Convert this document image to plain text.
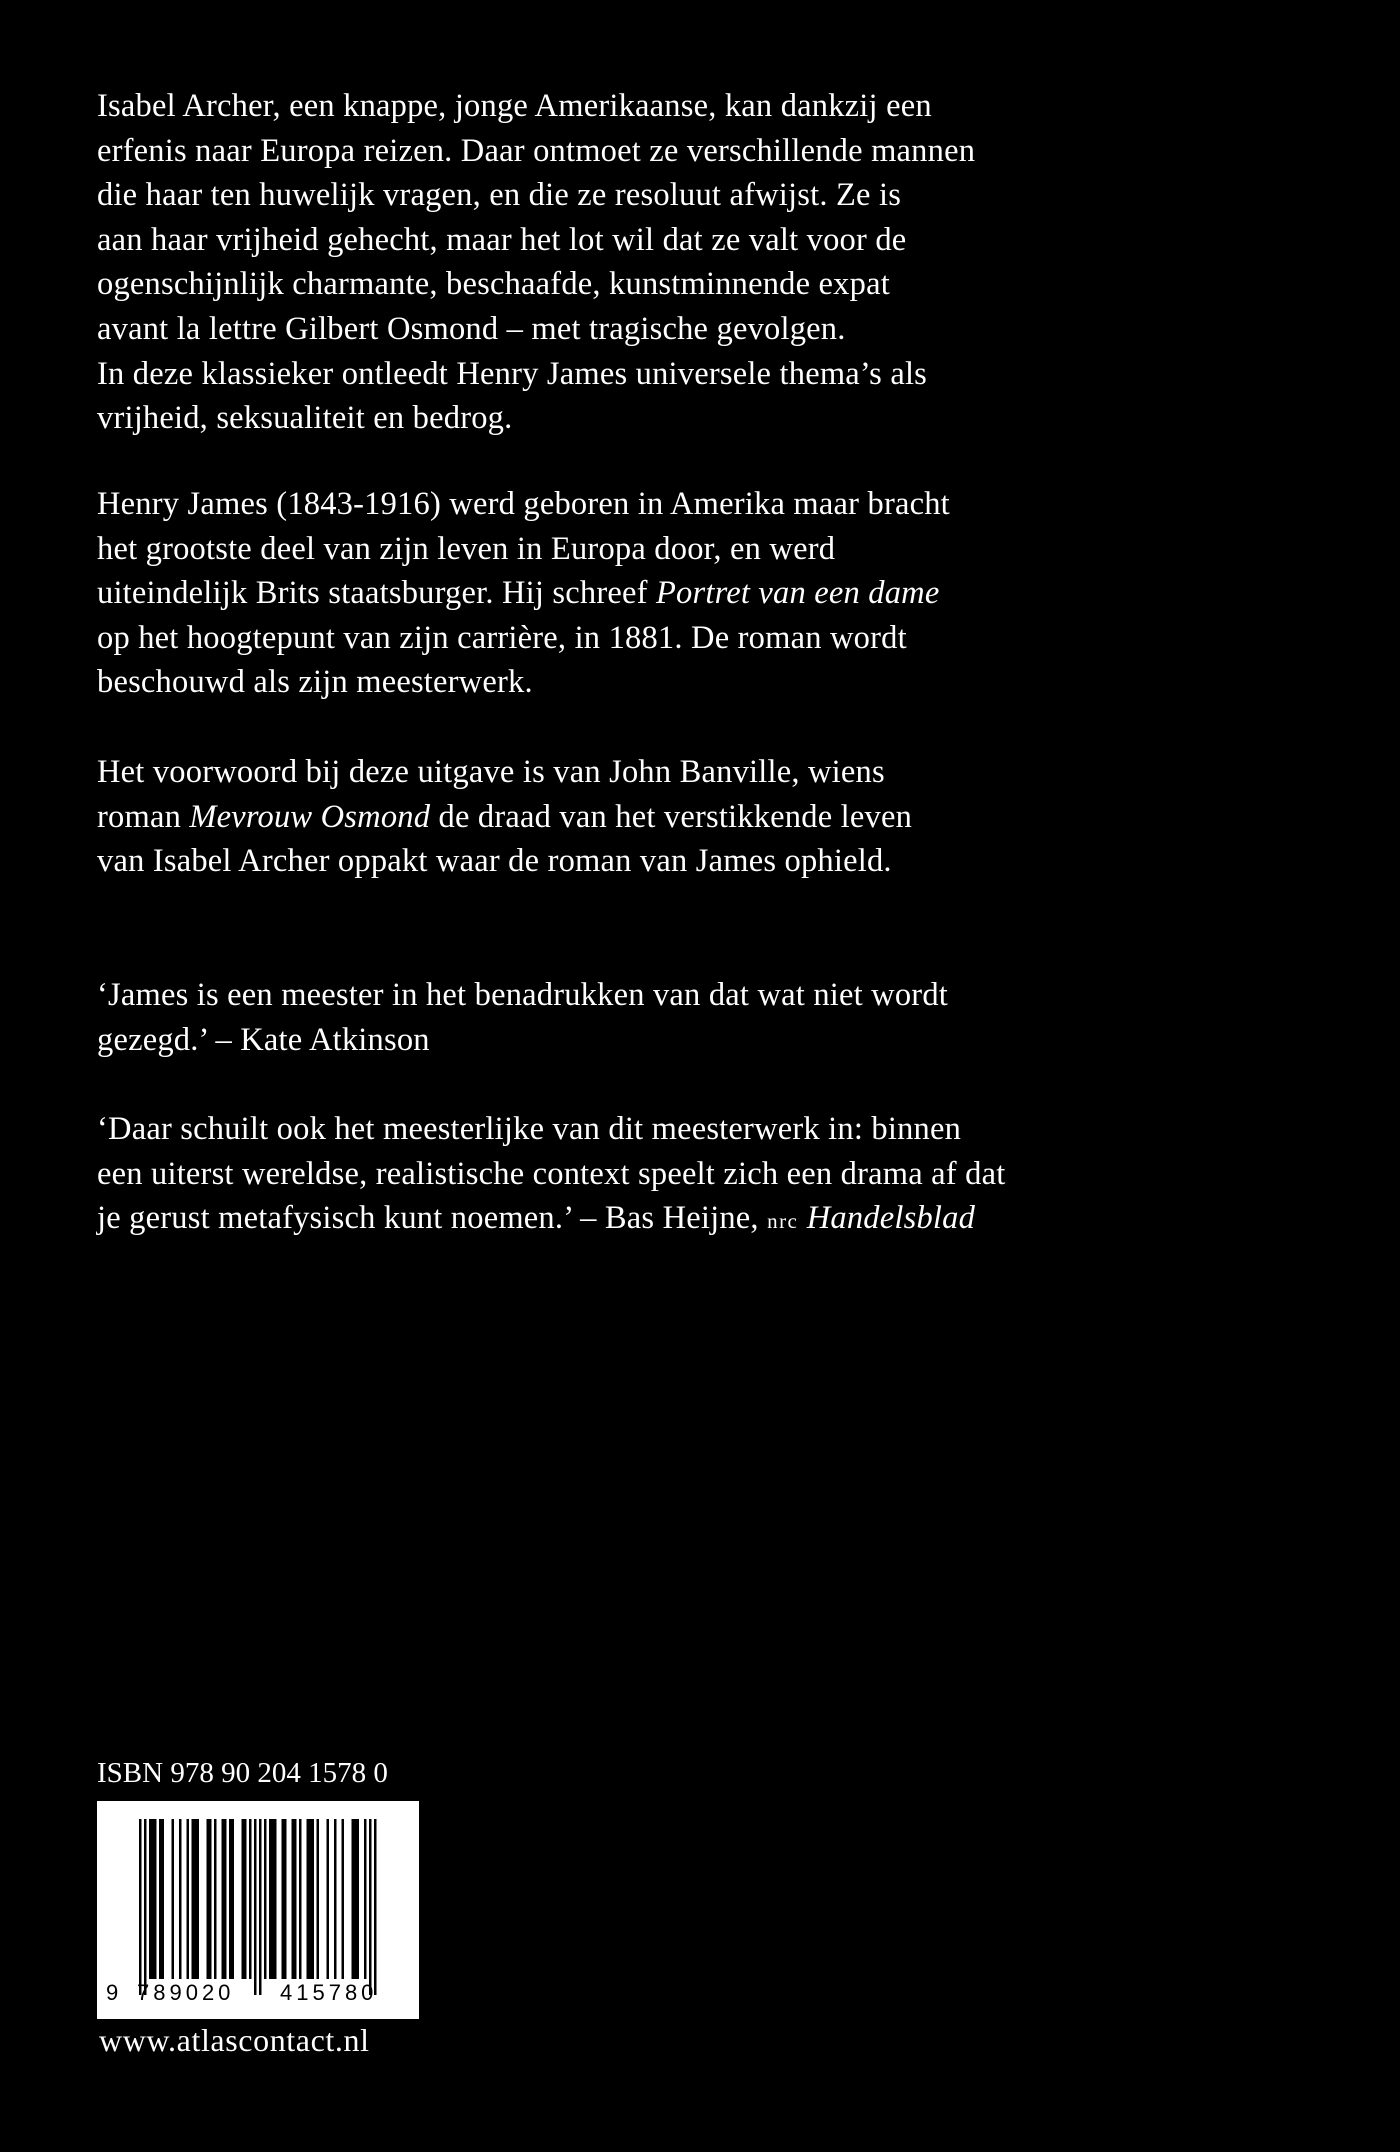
Isabel Archer, een knappe, jonge Amerikaanse, kan dankzij een
erfenis naar Europa reizen. Daar ontmoet ze verschillende mannen
die haar ten huwelijk vragen, en die ze resoluut afwijst. Ze is
aan haar vrijheid gehecht, maar het lot wil dat ze valt voor de
ogenschijnlijk charmante, beschaafde, kunstminnende expat
avant la lettre Gilbert Osmond – met tragische gevolgen.
In deze klassieker ontleedt Henry James universele thema’s als
vrijheid, seksualiteit en bedrog.
Henry James (1843-1916) werd geboren in Amerika maar bracht
het grootste deel van zijn leven in Europa door, en werd
uiteindelijk Brits staatsburger. Hij schreef Portret van een dame
op het hoogtepunt van zijn carrière, in 1881. De roman wordt
beschouwd als zijn meesterwerk.
Het voorwoord bij deze uitgave is van John Banville, wiens
roman Mevrouw Osmond de draad van het verstikkende leven
van Isabel Archer oppakt waar de roman van James ophield.
‘James is een meester in het benadrukken van dat wat niet wordt
gezegd.’ – Kate Atkinson
‘Daar schuilt ook het meesterlijke van dit meesterwerk in: binnen
een uiterst wereldse, realistische context speelt zich een drama af dat
je gerust metafysisch kunt noemen.’ – Bas Heijne, nrc Handelsblad
ISBN 978 90 204 1578 0
9 789020 415780
www.atlascontact.nl
